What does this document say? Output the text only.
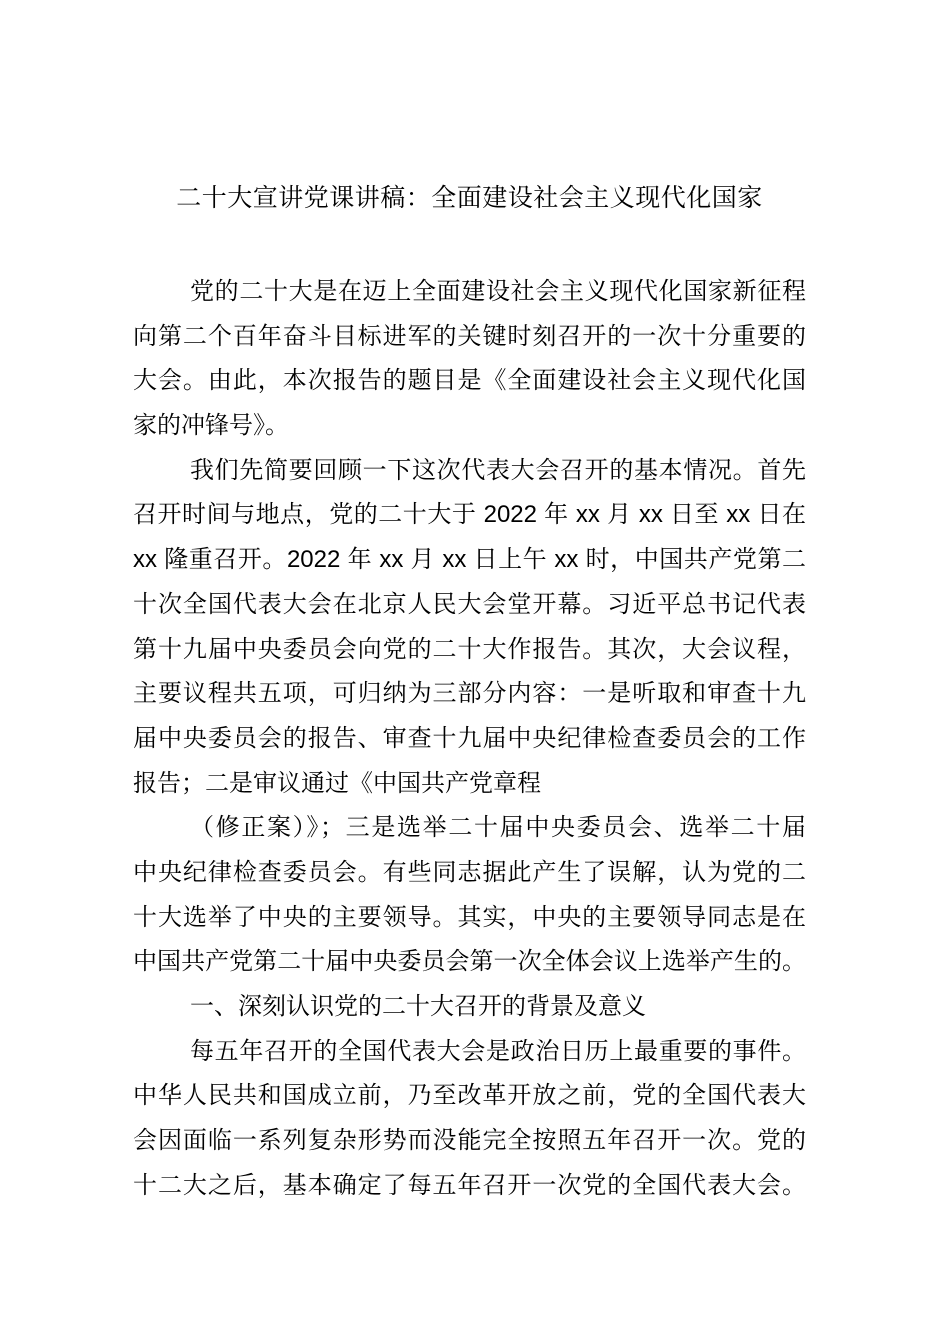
二十大宣讲党课讲稿：全面建设社会主义现代化国家
党的二十大是在迈上全面建设社会主义现代化国家新征程
向第二个百年奋斗目标进军的关键时刻召开的一次十分重要的
大会。由此，本次报告的题目是《全面建设社会主义现代化国
家的冲锋号》。
我们先简要回顾一下这次代表大会召开的基本情况。首先
召开时间与地点，党的二十大于 2022 年 xx 月 xx 日至 xx 日在
xx 隆重召开。2022 年 xx 月 xx 日上午 xx 时，中国共产党第二
十次全国代表大会在北京人民大会堂开幕。习近平总书记代表
第十九届中央委员会向党的二十大作报告。其次，大会议程，
主要议程共五项，可归纳为三部分内容：一是听取和审查十九
届中央委员会的报告、审查十九届中央纪律检查委员会的工作
报告；二是审议通过《中国共产党章程
（修正案）》；三是选举二十届中央委员会、选举二十届
中央纪律检查委员会。有些同志据此产生了误解，认为党的二
十大选举了中央的主要领导。其实，中央的主要领导同志是在
中国共产党第二十届中央委员会第一次全体会议上选举产生的。
一、深刻认识党的二十大召开的背景及意义
每五年召开的全国代表大会是政治日历上最重要的事件。
中华人民共和国成立前，乃至改革开放之前，党的全国代表大
会因面临一系列复杂形势而没能完全按照五年召开一次。党的
十二大之后，基本确定了每五年召开一次党的全国代表大会。
